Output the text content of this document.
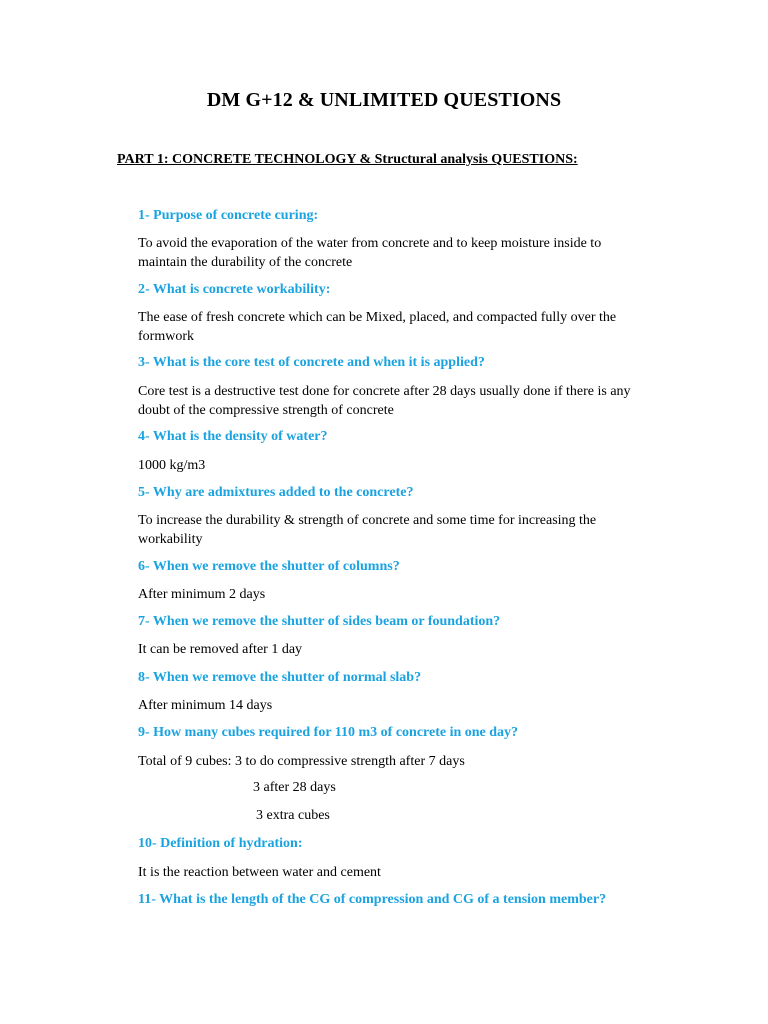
DM G+12 & UNLIMITED QUESTIONS
PART 1: CONCRETE TECHNOLOGY & Structural analysis QUESTIONS:
1- Purpose of concrete curing:
To avoid the evaporation of the water from concrete and to keep moisture inside to
maintain the durability of the concrete
2- What is concrete workability:
The ease of fresh concrete which can be Mixed, placed, and compacted fully over the
formwork
3- What is the core test of concrete and when it is applied?
Core test is a destructive test done for concrete after 28 days usually done if there is any
doubt of the compressive strength of concrete
4- What is the density of water?
1000 kg/m3
5- Why are admixtures added to the concrete?
To increase the durability & strength of concrete and some time for increasing the
workability
6- When we remove the shutter of columns?
After minimum 2 days
7- When we remove the shutter of sides beam or foundation?
It can be removed after 1 day
8- When we remove the shutter of normal slab?
After minimum 14 days
9- How many cubes required for 110 m3 of concrete in one day?
Total of 9 cubes: 3 to do compressive strength after 7 days
3 after 28 days
3 extra cubes
10- Definition of hydration:
It is the reaction between water and cement
11- What is the length of the CG of compression and CG of a tension member?
